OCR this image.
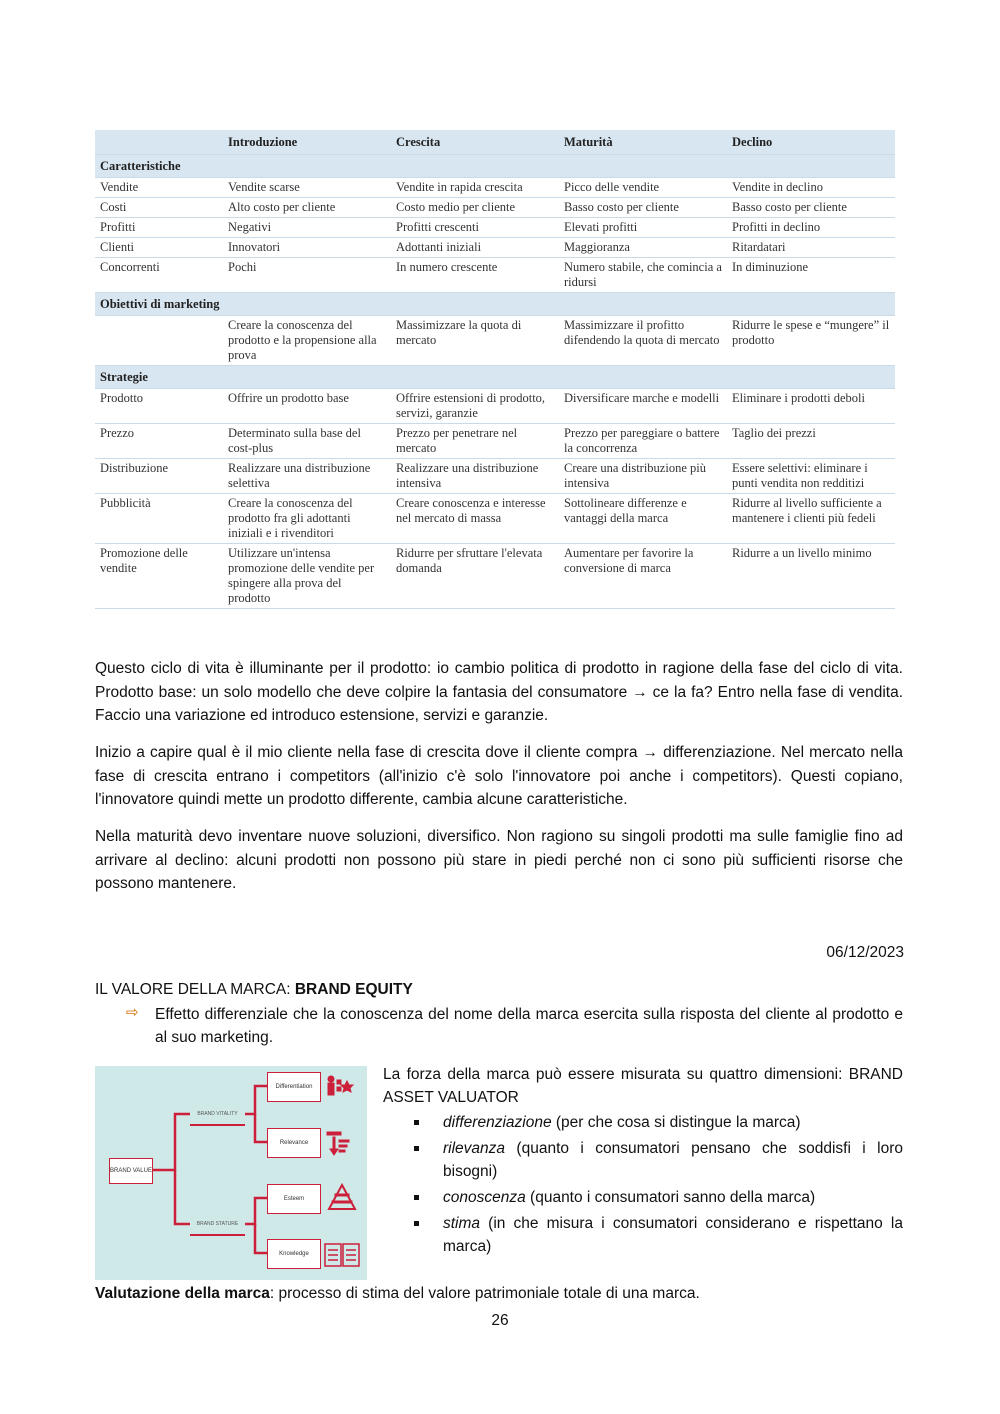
	Introduzione	Crescita	Maturità	Declino
Caratteristiche				
Vendite	Vendite scarse	Vendite in rapida crescita	Picco delle vendite	Vendite in declino
Costi	Alto costo per cliente	Costo medio per cliente	Basso costo per cliente	Basso costo per cliente
Profitti	Negativi	Profitti crescenti	Elevati profitti	Profitti in declino
Clienti	Innovatori	Adottanti iniziali	Maggioranza	Ritardatari
Concorrenti	Pochi	In numero crescente	Numero stabile, che comincia a ridursi	In diminuzione
Obiettivi di marketing				
	Creare la conoscenza del prodotto e la propensione alla prova	Massimizzare la quota di mercato	Massimizzare il profitto difendendo la quota di mercato	Ridurre le spese e “mungere” il prodotto
Strategie				
Prodotto	Offrire un prodotto base	Offrire estensioni di prodotto, servizi, garanzie	Diversificare marche e modelli	Eliminare i prodotti deboli
Prezzo	Determinato sulla base del cost-plus	Prezzo per penetrare nel mercato	Prezzo per pareggiare o battere la concorrenza	Taglio dei prezzi
Distribuzione	Realizzare una distribuzione selettiva	Realizzare una distribuzione intensiva	Creare una distribuzione più intensiva	Essere selettivi: eliminare i punti vendita non redditizi
Pubblicità	Creare la conoscenza del prodotto fra gli adottanti iniziali e i rivenditori	Creare conoscenza e interesse nel mercato di massa	Sottolineare differenze e vantaggi della marca	Ridurre al livello sufficiente a mantenere i clienti più fedeli
Promozione delle vendite	Utilizzare un'intensa promozione delle vendite per spingere alla prova del prodotto	Ridurre per sfruttare l'elevata domanda	Aumentare per favorire la conversione di marca	Ridurre a un livello minimo

Questo ciclo di vita è illuminante per il prodotto: io cambio politica di prodotto in ragione della fase del ciclo di vita. Prodotto base: un solo modello che deve colpire la fantasia del consumatore → ce la fa? Entro nella fase di vendita. Faccio una variazione ed introduco estensione, servizi e garanzie.

Inizio a capire qual è il mio cliente nella fase di crescita dove il cliente compra → differenziazione. Nel mercato nella fase di crescita entrano i competitors (all'inizio c'è solo l'innovatore poi anche i competitors). Questi copiano, l'innovatore quindi mette un prodotto differente, cambia alcune caratteristiche.

Nella maturità devo inventare nuove soluzioni, diversifico. Non ragiono su singoli prodotti ma sulle famiglie fino ad arrivare al declino: alcuni prodotti non possono più stare in piedi perché non ci sono più sufficienti risorse che possono mantenere.

06/12/2023
IL VALORE DELLA MARCA: BRAND EQUITY
⇨ Effetto differenziale che la conoscenza del nome della marca esercita sulla risposta del cliente al prodotto e al suo marketing.

BRAND VALUE
BRAND VITALITY
BRAND STATURE
Differentiation
Relevance
Esteem
Knowledge

La forza della marca può essere misurata su quattro dimensioni: BRAND ASSET VALUATOR

differenziazione (per che cosa si distingue la marca)
rilevanza (quanto i consumatori pensano che soddisfi i loro bisogni)
conoscenza (quanto i consumatori sanno della marca)
stima (in che misura i consumatori considerano e rispettano la marca)
Valutazione della marca: processo di stima del valore patrimoniale totale di una marca.
26
